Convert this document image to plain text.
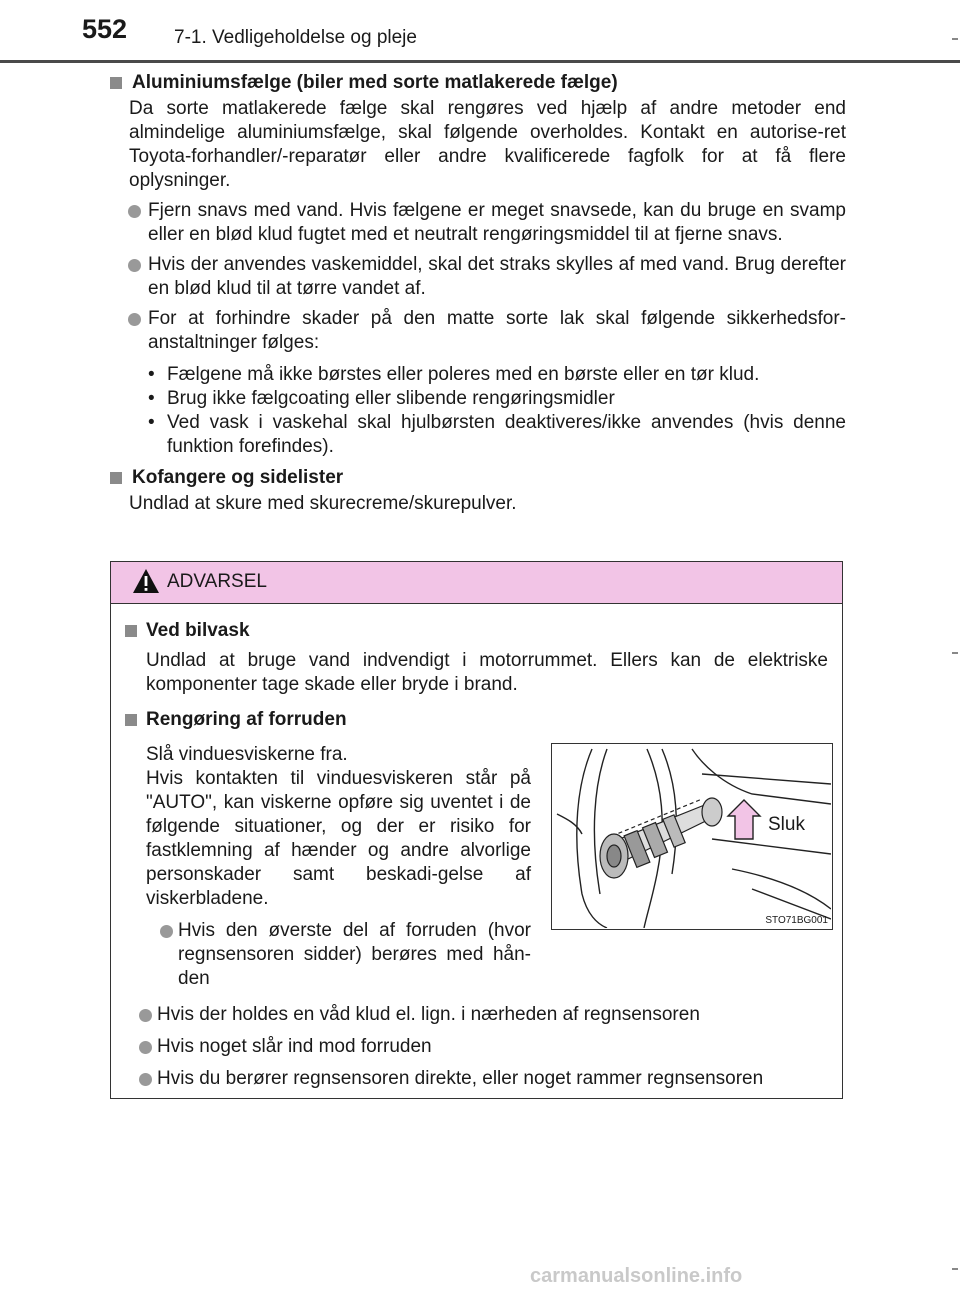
552 7-1. Vedligeholdelse og pleje
Aluminiumsfælge (biler med sorte matlakerede fælge)

Da sorte matlakerede fælge skal rengøres ved hjælp af andre metoder end almindelige aluminiumsfælge, skal følgende overholdes. Kontakt en autorise-ret Toyota-forhandler/-reparatør eller andre kvalificerede fagfolk for at få flere oplysninger.

Fjern snavs med vand. Hvis fælgene er meget snavsede, kan du bruge en svamp eller en blød klud fugtet med et neutralt rengøringsmiddel til at fjerne snavs.
Hvis der anvendes vaskemiddel, skal det straks skylles af med vand. Brug derefter en blød klud til at tørre vandet af.
For at forhindre skader på den matte sorte lak skal følgende sikkerhedsfor-anstaltninger følges:
• Fælgene må ikke børstes eller poleres med en børste eller en tør klud.
• Brug ikke fælgcoating eller slibende rengøringsmidler
• Ved vask i vaskehal skal hjulbørsten deaktiveres/ikke anvendes (hvis denne funktion forefindes).
Kofangere og sidelister

Undlad at skure med skurecreme/skurepulver.

ADVARSEL
Ved bilvask

Undlad at bruge vand indvendigt i motorrummet. Ellers kan de elektriske komponenter tage skade eller bryde i brand.

Rengøring af forruden
Slå vinduesviskerne fra.
Hvis kontakten til vinduesviskeren står på "AUTO", kan viskerne opføre sig uventet i de følgende situationer, og der er risiko for fastklemning af hænder og andre alvorlige personskader samt beskadi-gelse af viskerbladene.
Hvis den øverste del af forruden (hvor regnsensoren sidder) berøres med hån-den
Sluk
STO71BG001
Hvis der holdes en våd klud el. lign. i nærheden af regnsensoren
Hvis noget slår ind mod forruden
Hvis du berører regnsensoren direkte, eller noget rammer regnsensoren
carmanualsonline.info
